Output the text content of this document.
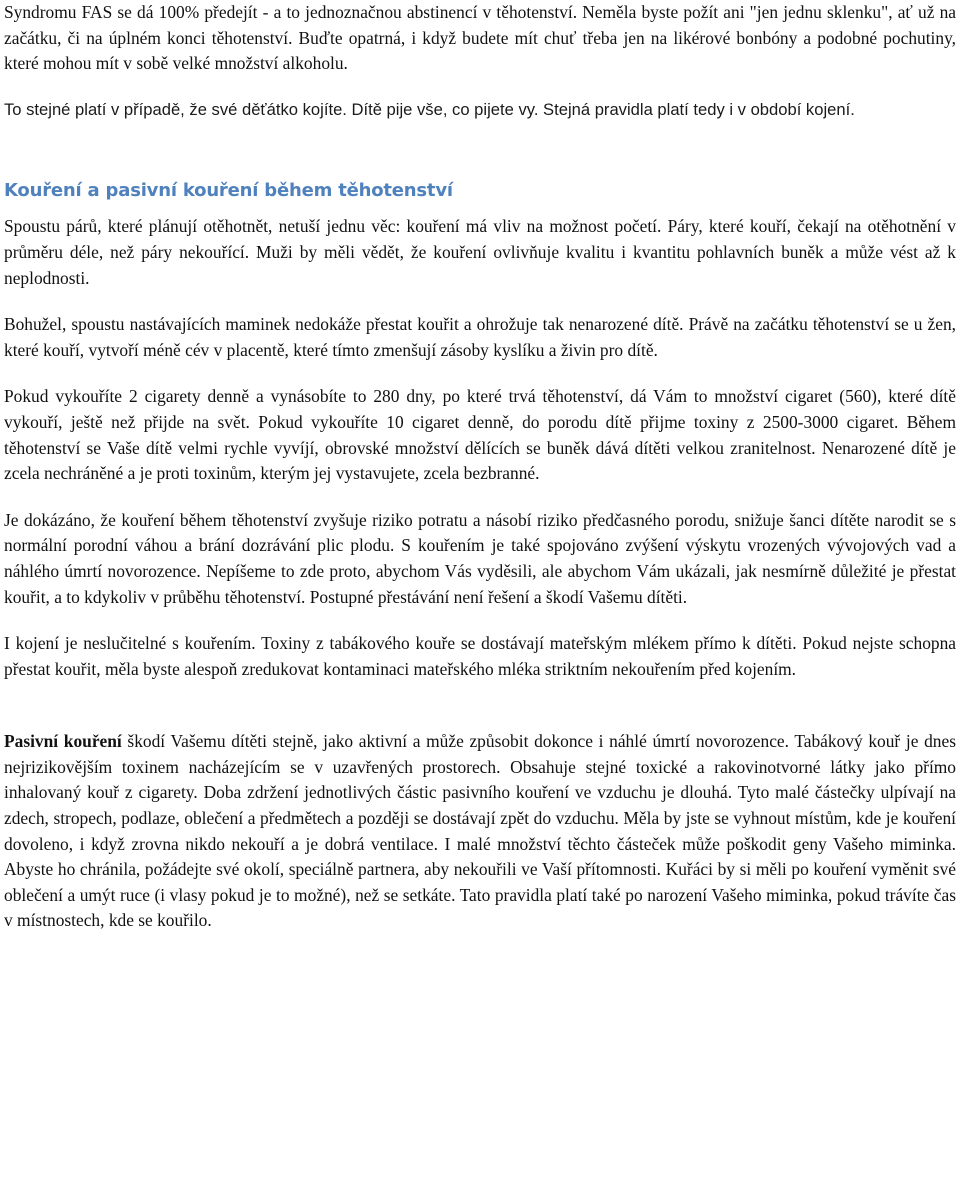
Syndromu FAS se dá 100% předejít - a to jednoznačnou abstinencí v těhotenství. Neměla byste požít ani "jen jednu sklenku", ať už na začátku, či na úplném konci těhotenství. Buďte opatrná, i když budete mít chuť třeba jen na likérové bonbóny a podobné pochutiny, které mohou mít v sobě velké množství alkoholu.

To stejné platí v případě, že své děťátko kojíte. Dítě pije vše, co pijete vy. Stejná pravidla platí tedy i v období kojení.

Kouření a pasivní kouření během těhotenství

Spoustu párů, které plánují otěhotnět, netuší jednu věc: kouření má vliv na možnost početí. Páry, které kouří, čekají na otěhotnění v průměru déle, než páry nekouřící. Muži by měli vědět, že kouření ovlivňuje kvalitu i kvantitu pohlavních buněk a může vést až k neplodnosti.

Bohužel, spoustu nastávajících maminek nedokáže přestat kouřit a ohrožuje tak nenarozené dítě. Právě na začátku těhotenství se u žen, které kouří, vytvoří méně cév v placentě, které tímto zmenšují zásoby kyslíku a živin pro dítě.

Pokud vykouříte 2 cigarety denně a vynásobíte to 280 dny, po které trvá těhotenství, dá Vám to množství cigaret (560), které dítě vykouří, ještě než přijde na svět. Pokud vykouříte 10 cigaret denně, do porodu dítě přijme toxiny z 2500-3000 cigaret. Během těhotenství se Vaše dítě velmi rychle vyvíjí, obrovské množství dělících se buněk dává dítěti velkou zranitelnost. Nenarozené dítě je zcela nechráněné a je proti toxinům, kterým jej vystavujete, zcela bezbranné.

Je dokázáno, že kouření během těhotenství zvyšuje riziko potratu a násobí riziko předčasného porodu, snižuje šanci dítěte narodit se s normální porodní váhou a brání dozrávání plic plodu. S kouřením je také spojováno zvýšení výskytu vrozených vývojových vad a náhlého úmrtí novorozence. Nepíšeme to zde proto, abychom Vás vyděsili, ale abychom Vám ukázali, jak nesmírně důležité je přestat kouřit, a to kdykoliv v průběhu těhotenství. Postupné přestávání není řešení a škodí Vašemu dítěti.

I kojení je neslučitelné s kouřením. Toxiny z tabákového kouře se dostávají mateřským mlékem přímo k dítěti. Pokud nejste schopna přestat kouřit, měla byste alespoň zredukovat kontaminaci mateřského mléka striktním nekouřením před kojením.

Pasivní kouření škodí Vašemu dítěti stejně, jako aktivní a může způsobit dokonce i náhlé úmrtí novorozence. Tabákový kouř je dnes nejrizikovějším toxinem nacházejícím se v uzavřených prostorech. Obsahuje stejné toxické a rakovinotvorné látky jako přímo inhalovaný kouř z cigarety. Doba zdržení jednotlivých částic pasivního kouření ve vzduchu je dlouhá. Tyto malé částečky ulpívají na zdech, stropech, podlaze, oblečení a předmětech a později se dostávají zpět do vzduchu. Měla by jste se vyhnout místům, kde je kouření dovoleno, i když zrovna nikdo nekouří a je dobrá ventilace. I malé množství těchto částeček může poškodit geny Vašeho miminka. Abyste ho chránila, požádejte své okolí, speciálně partnera, aby nekouřili ve Vaší přítomnosti. Kuřáci by si měli po kouření vyměnit své oblečení a umýt ruce (i vlasy pokud je to možné), než se setkáte. Tato pravidla platí také po narození Vašeho miminka, pokud trávíte čas v místnostech, kde se kouřilo.
